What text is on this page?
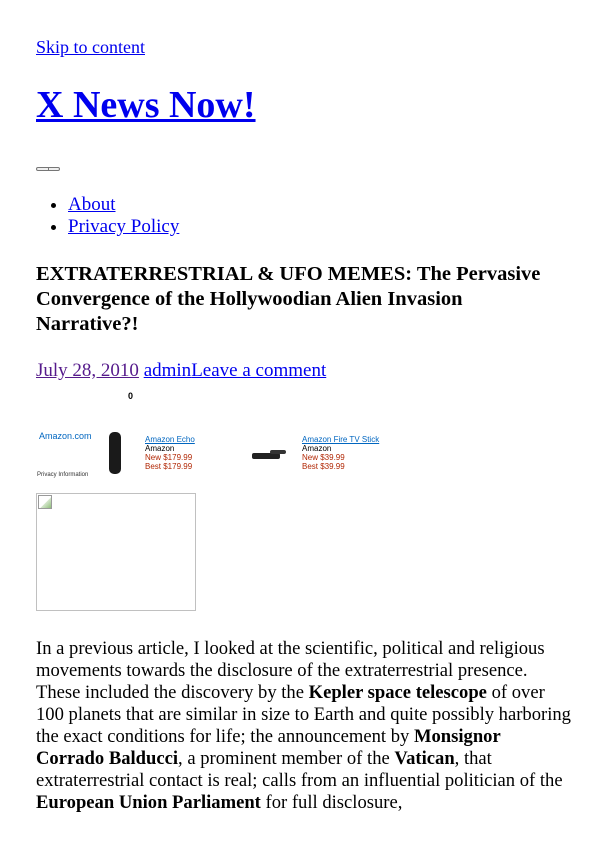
Skip to content
X News Now!
• About
• Privacy Policy
EXTRATERRESTRIAL & UFO MEMES: The Pervasive Convergence of the Hollywoodian Alien Invasion Narrative?!
July 28, 2010 adminLeave a comment
0
Amazon.com
Privacy Information
Amazon Echo
Amazon
New $179.99
Best $179.99
Amazon Fire TV Stick
Amazon
New $39.99
Best $39.99

In a previous article, I looked at the scientific, political and religious movements towards the disclosure of the extraterrestrial presence. These included the discovery by the Kepler space telescope of over 100 planets that are similar in size to Earth and quite possibly harboring the exact conditions for life; the announcement by Monsignor Corrado Balducci, a prominent member of the Vatican, that extraterrestrial contact is real; calls from an influential politician of the European Union Parliament for full disclosure,
